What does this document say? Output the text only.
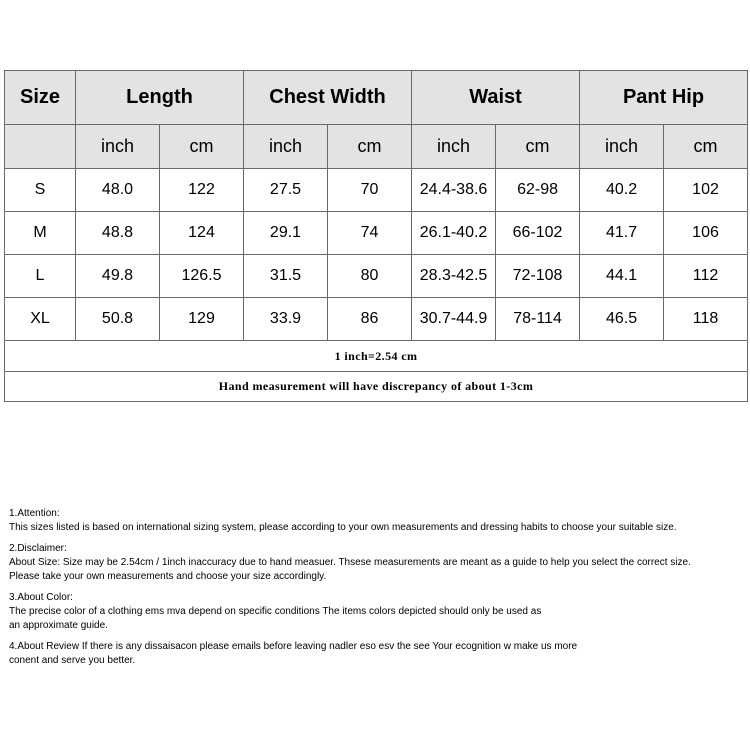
Size	Length		Chest Width		Waist		Pant Hip	
	inch	cm	inch	cm	inch	cm	inch	cm
S	48.0	122	27.5	70	24.4-38.6	62-98	40.2	102
M	48.8	124	29.1	74	26.1-40.2	66-102	41.7	106
L	49.8	126.5	31.5	80	28.3-42.5	72-108	44.1	112
XL	50.8	129	33.9	86	30.7-44.9	78-114	46.5	118
1 inch=2.54 cm								
Hand measurement will have discrepancy of about 1-3cm								

1.Attention:

This sizes listed is based on international sizing system, please according to your own measurements and dressing habits to choose your suitable size.

2.Disclaimer:

About Size: Size may be 2.54cm / 1inch inaccuracy due to hand measuer. Thsese measurements are meant as a guide to help you select the correct size.

Please take your own measurements and choose your size accordingly.

3.About Color:

The precise color of a clothing ems mva depend on specific conditions The items colors depicted should only be used as

an approximate guide.

4.About Review If there is any dissaisacon please emails before leaving nadler eso esv the see Your ecognition w make us more

conent and serve you better.
